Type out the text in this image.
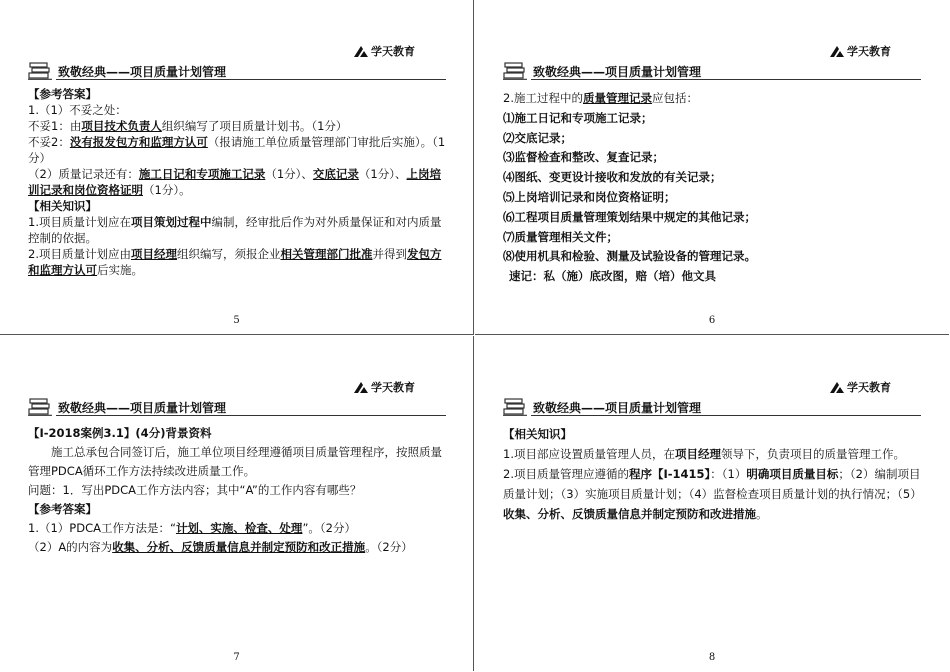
学天教育
致敬经典——项目质量计划管理

【参考答案】

1.（1）不妥之处：

不妥1：由项目技术负责人组织编写了项目质量计划书。（1分）

不妥2：没有报发包方和监理方认可（报请施工单位质量管理部门审批后实施）。（1分）

（2）质量记录还有：施工日记和专项施工记录（1分）、交底记录（1分）、上岗培训记录和岗位资格证明（1分）。

【相关知识】

1.项目质量计划应在项目策划过程中编制，经审批后作为对外质量保证和对内质量控制的依据。

2.项目质量计划应由项目经理组织编写，须报企业相关管理部门批准并得到发包方和监理方认可后实施。

5
学天教育
致敬经典——项目质量计划管理

2.施工过程中的质量管理记录应包括：

⑴施工日记和专项施工记录；

⑵交底记录；

⑶监督检查和整改、复查记录；

⑷图纸、变更设计接收和发放的有关记录；

⑸上岗培训记录和岗位资格证明；

⑹工程项目质量管理策划结果中规定的其他记录；

⑺质量管理相关文件；

⑻使用机具和检验、测量及试验设备的管理记录。

速记：私（施）底改图，赔（培）他文具

6
学天教育
致敬经典——项目质量计划管理

【Ⅰ-2018案例3.1】(4分)背景资料

施工总承包合同签订后，施工单位项目经理遵循项目质量管理程序，按照质量管理PDCA循环工作方法持续改进质量工作。

问题：1．写出PDCA工作方法内容；其中“A”的工作内容有哪些？

【参考答案】

1.（1）PDCA工作方法是：“计划、实施、检查、处理”。（2分）

（2）A的内容为收集、分析、反馈质量信息并制定预防和改正措施。（2分）

7
学天教育
致敬经典——项目质量计划管理

【相关知识】

1.项目部应设置质量管理人员，在项目经理领导下，负责项目的质量管理工作。

2.项目质量管理应遵循的程序【Ⅰ-1415】：（1）明确项目质量目标；（2）编制项目质量计划；（3）实施项目质量计划；（4）监督检查项目质量计划的执行情况；（5）收集、分析、反馈质量信息并制定预防和改进措施。

8
